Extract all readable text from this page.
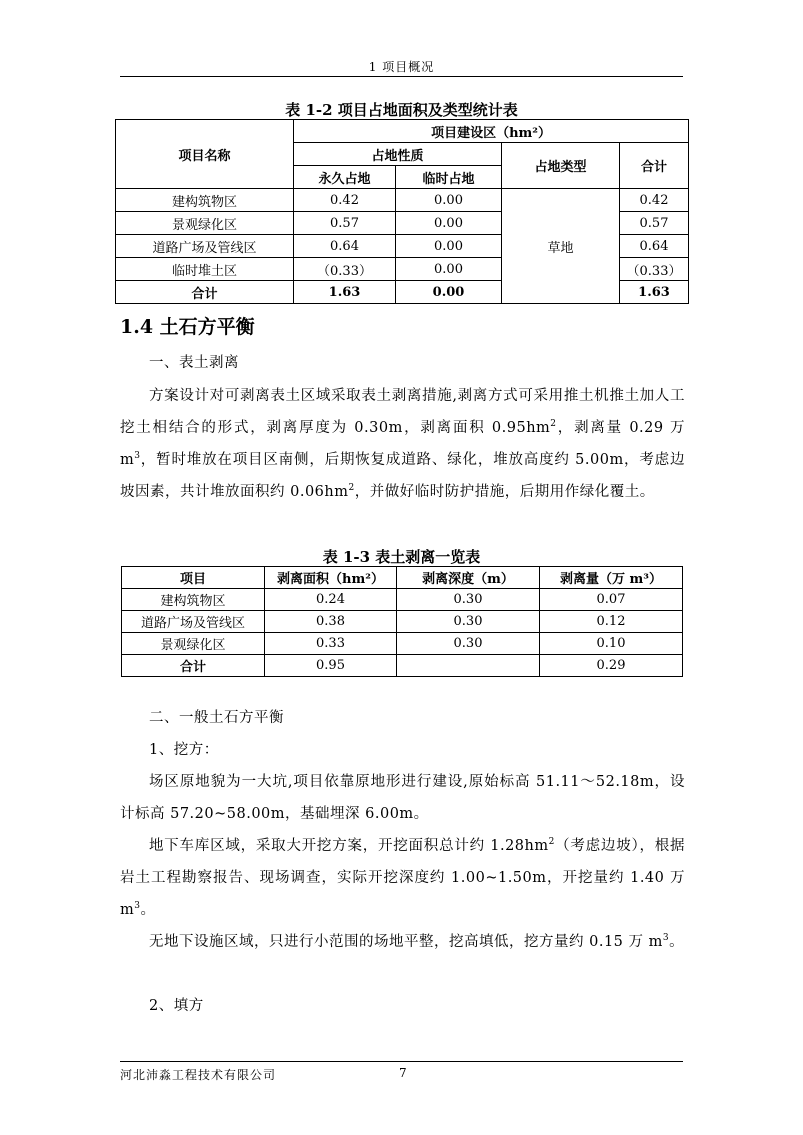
1 项目概况
表 1-2 项目占地面积及类型统计表
项目名称	项目建设区（hm²）			
	占地性质		占地类型	合计
	永久占地	临时占地		
建构筑物区	0.42	0.00	草地	0.42
景观绿化区	0.57	0.00		0.57
道路广场及管线区	0.64	0.00		0.64
临时堆土区	（0.33）	0.00		（0.33）
合计	1.63	0.00		1.63
1.4 土石方平衡
一、表土剥离
方案设计对可剥离表土区域采取表土剥离措施,剥离方式可采用推土机推土加人工挖土相结合的形式，剥离厚度为 0.30m，剥离面积 $0.95hm^2$，剥离量 0.29 万 $m^3$，暂时堆放在项目区南侧，后期恢复成道路、绿化，堆放高度约 5.00m，考虑边坡因素，共计堆放面积约 $0.06hm^2$，并做好临时防护措施，后期用作绿化覆土。
表 1-3 表土剥离一览表
项目	剥离面积（hm²）	剥离深度（m）	剥离量（万 m³）
建构筑物区	0.24	0.30	0.07
道路广场及管线区	0.38	0.30	0.12
景观绿化区	0.33	0.30	0.10
合计	0.95		0.29
二、一般土石方平衡
1、挖方：
场区原地貌为一大坑,项目依靠原地形进行建设,原始标高 51.11～52.18m，设计标高 57.20~58.00m，基础埋深 6.00m。
地下车库区域，采取大开挖方案，开挖面积总计约 $1.28hm^2$（考虑边坡），根据岩土工程勘察报告、现场调查，实际开挖深度约 1.00~1.50m，开挖量约 1.40 万 $m^3$。
无地下设施区域，只进行小范围的场地平整，挖高填低，挖方量约 0.15 万 $m^3$。
2、填方
河北沛淼工程技术有限公司	7
